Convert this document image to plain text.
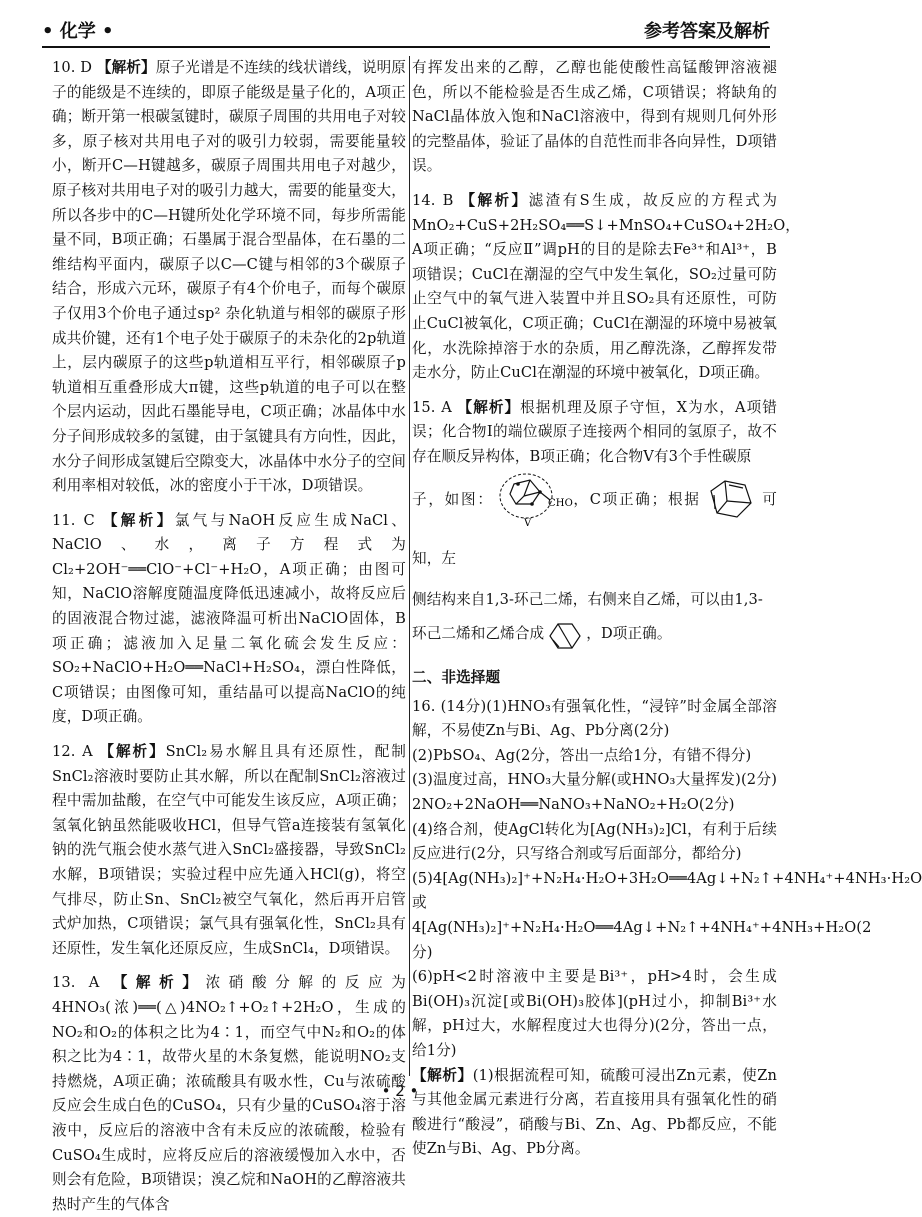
• 化学 •	参考答案及解析
10. D 【解析】原子光谱是不连续的线状谱线，说明原子的能级是不连续的，即原子能级是量子化的，A项正确；断开第一根碳氢键时，碳原子周围的共用电子对较多，原子核对共用电子对的吸引力较弱，需要能量较小，断开C—H键越多，碳原子周围共用电子对越少，原子核对共用电子对的吸引力越大，需要的能量变大，所以各步中的C—H键所处化学环境不同，每步所需能量不同，B项正确；石墨属于混合型晶体，在石墨的二维结构平面内，碳原子以C—C键与相邻的3个碳原子结合，形成六元环，碳原子有4个价电子，而每个碳原子仅用3个价电子通过sp² 杂化轨道与相邻的碳原子形成共价键，还有1个电子处于碳原子的未杂化的2p轨道上，层内碳原子的这些p轨道相互平行，相邻碳原子p轨道相互重叠形成大π键，这些p轨道的电子可以在整个层内运动，因此石墨能导电，C项正确；冰晶体中水分子间形成较多的氢键，由于氢键具有方向性，因此，水分子间形成氢键后空隙变大，冰晶体中水分子的空间利用率相对较低，冰的密度小于干冰，D项错误。
11. C 【解析】氯气与NaOH反应生成NaCl、NaClO、水，离子方程式为Cl₂+2OH⁻══ClO⁻+Cl⁻+H₂O，A项正确；由图可知，NaClO溶解度随温度降低迅速减小，故将反应后的固液混合物过滤，滤液降温可析出NaClO固体，B项正确；滤液加入足量二氧化硫会发生反应：SO₂+NaClO+H₂O══NaCl+H₂SO₄，漂白性降低，C项错误；由图像可知，重结晶可以提高NaClO的纯度，D项正确。
12. A 【解析】SnCl₂易水解且具有还原性，配制SnCl₂溶液时要防止其水解，所以在配制SnCl₂溶液过程中需加盐酸，在空气中可能发生该反应，A项正确；氢氧化钠虽然能吸收HCl，但导气管a连接装有氢氧化钠的洗气瓶会使水蒸气进入SnCl₂盛接器，导致SnCl₂水解，B项错误；实验过程中应先通入HCl(g)，将空气排尽，防止Sn、SnCl₂被空气氧化，然后再开启管式炉加热，C项错误；氯气具有强氧化性，SnCl₂具有还原性，发生氧化还原反应，生成SnCl₄，D项错误。
13. A 【解析】浓硝酸分解的反应为4HNO₃(浓)══(△)4NO₂↑+O₂↑+2H₂O，生成的NO₂和O₂的体积之比为4∶1，而空气中N₂和O₂的体积之比为4∶1，故带火星的木条复燃，能说明NO₂支持燃烧，A项正确；浓硫酸具有吸水性，Cu与浓硫酸反应会生成白色的CuSO₄，只有少量的CuSO₄溶于溶液中，反应后的溶液中含有未反应的浓硫酸，检验有CuSO₄生成时，应将反应后的溶液缓慢加入水中，否则会有危险，B项错误；溴乙烷和NaOH的乙醇溶液共热时产生的气体含
有挥发出来的乙醇，乙醇也能使酸性高锰酸钾溶液褪色，所以不能检验是否生成乙烯，C项错误；将缺角的NaCl晶体放入饱和NaCl溶液中，得到有规则几何外形的完整晶体，验证了晶体的自范性而非各向异性，D项错误。
14. B 【解析】滤渣有S生成，故反应的方程式为MnO₂+CuS+2H₂SO₄══S↓+MnSO₄+CuSO₄+2H₂O，A项正确；“反应Ⅱ”调pH的目的是除去Fe³⁺和Al³⁺，B项错误；CuCl在潮湿的空气中发生氧化，SO₂过量可防止空气中的氧气进入装置中并且SO₂具有还原性，可防止CuCl被氧化，C项正确；CuCl在潮湿的环境中易被氧化，水洗除掉溶于水的杂质，用乙醇洗涤，乙醇挥发带走水分，防止CuCl在潮湿的环境中被氧化，D项正确。
15. A 【解析】根据机理及原子守恒，X为水，A项错误；化合物Ⅰ的端位碳原子连接两个相同的氢原子，故不存在顺反异构体，B项正确；化合物Ⅴ有3个手性碳原
子，如图：	CHO
V
，C项正确；根据	可知，左
侧结构来自1,3-环己二烯，右侧来自乙烯，可以由1,3-
环己二烯和乙烯合成	，D项正确。
二、非选择题
16. (14分)(1)HNO₃有强氧化性，“浸锌”时金属全部溶解，不易使Zn与Bi、Ag、Pb分离(2分)
(2)PbSO₄、Ag(2分，答出一点给1分，有错不得分)
(3)温度过高，HNO₃大量分解(或HNO₃大量挥发)(2分)　2NO₂+2NaOH══NaNO₃+NaNO₂+H₂O(2分)
(4)络合剂，使AgCl转化为[Ag(NH₃)₂]Cl，有利于后续反应进行(2分，只写络合剂或写后面部分，都给分)
(5)4[Ag(NH₃)₂]⁺+N₂H₄·H₂O+3H₂O══4Ag↓+N₂↑+4NH₄⁺+4NH₃·H₂O或4[Ag(NH₃)₂]⁺+N₂H₄·H₂O══4Ag↓+N₂↑+4NH₄⁺+4NH₃+H₂O(2分)
(6)pH<2时溶液中主要是Bi³⁺，pH>4时，会生成Bi(OH)₃沉淀[或Bi(OH)₃胶体](pH过小，抑制Bi³⁺水解，pH过大，水解程度过大也得分)(2分，答出一点，给1分)
【解析】(1)根据流程可知，硫酸可浸出Zn元素，使Zn与其他金属元素进行分离，若直接用具有强氧化性的硝酸进行“酸浸”，硝酸与Bi、Zn、Ag、Pb都反应，不能使Zn与Bi、Ag、Pb分离。
• 2 •
